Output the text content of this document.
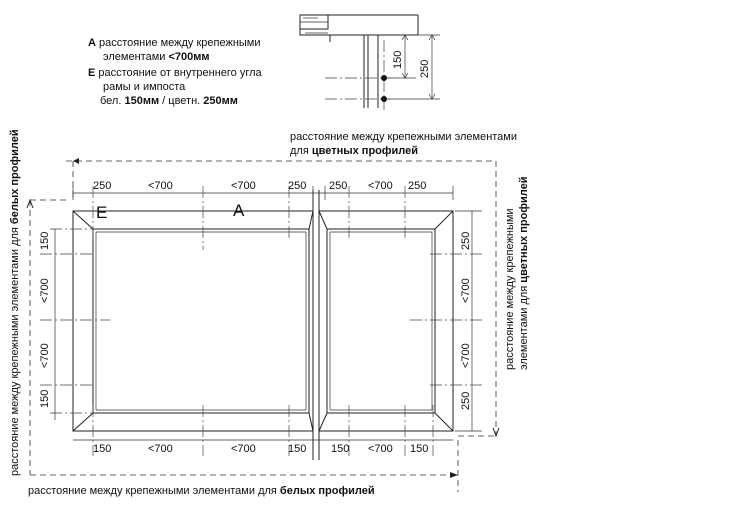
A расстояние между крепежными
элементами <700мм
E расстояние от внутреннего угла
рамы и импоста
бел. 150мм / цветн. 250мм
150 250
расстояние между крепежными элементами
для цветных профилей
расстояние между крепежными элементами для цветных профилей
расстояние между крепежными элементами для белых профилей
расстояние между крепежными элементами для белых профилей
E	A
250	<700	<700	250 250 <700 250
150	<700	<700	150 150 <700 150
150
<700
<700
150
250
<700
<700
250
